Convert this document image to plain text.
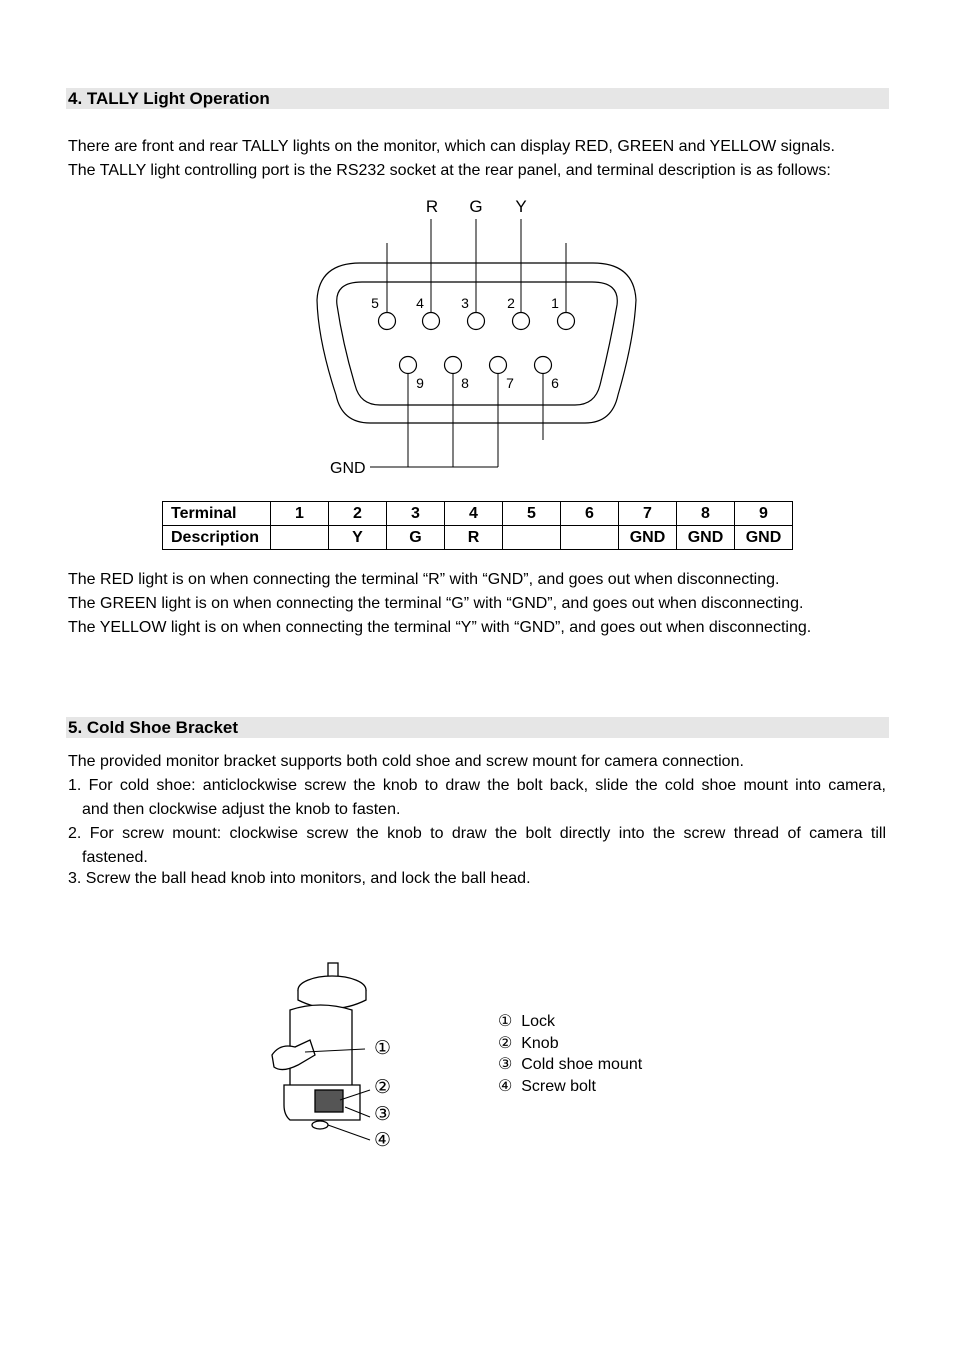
4. TALLY Light Operation
There are front and rear TALLY lights on the monitor, which can display RED, GREEN and YELLOW signals.
The TALLY light controlling port is the RS232 socket at the rear panel, and terminal description is as follows:
R G Y
5	4	3	2	1
9	8	7	6
GND
Terminal	1	2	3	4	5	6	7	8	9
Description		Y	G	R			GND	GND	GND
The RED light is on when connecting the terminal “R” with “GND”, and goes out when disconnecting.
The GREEN light is on when connecting the terminal “G” with “GND”, and goes out when disconnecting.
The YELLOW light is on when connecting the terminal “Y” with “GND”, and goes out when disconnecting.
5. Cold Shoe Bracket
The provided monitor bracket supports both cold shoe and screw mount for camera connection.
1. For cold shoe: anticlockwise screw the knob to draw the bolt back, slide the cold shoe mount into camera,
and then clockwise adjust the knob to fasten.
2. For screw mount: clockwise screw the knob to draw the bolt directly into the screw thread of camera till
fastened.
3. Screw the ball head knob into monitors, and lock the ball head.
①
②
③
④
①  Lock
②  Knob
③  Cold shoe mount
④  Screw bolt
